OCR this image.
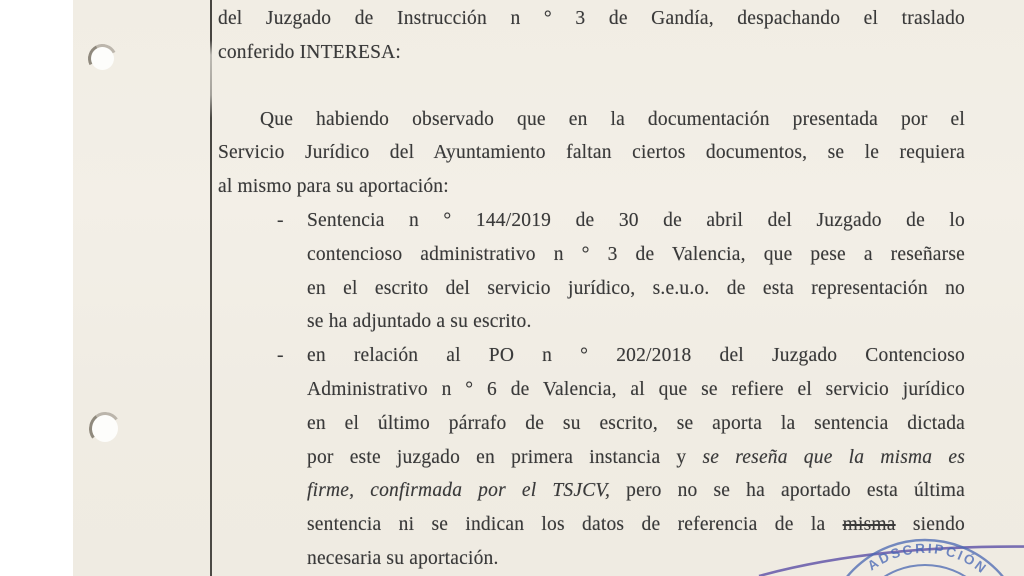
del Juzgado de Instrucción n ° 3 de Gandía, despachando el traslado
conferido INTERESA:
Que habiendo observado que en la documentación presentada por el
Servicio Jurídico del Ayuntamiento faltan ciertos documentos, se le requiera
al mismo para su aportación:
- Sentencia n ° 144/2019 de 30 de abril del Juzgado de lo
contencioso administrativo n ° 3 de Valencia, que pese a reseñarse
en el escrito del servicio jurídico, s.e.u.o. de esta representación no
se ha adjuntado a su escrito.
- en relación al PO n ° 202/2018 del Juzgado Contencioso
Administrativo n ° 6 de Valencia, al que se refiere el servicio jurídico
en el último párrafo de su escrito, se aporta la sentencia dictada
por este juzgado en primera instancia y se reseña que la misma es
firme, confirmada por el TSJCV, pero no se ha aportado esta última
sentencia ni se indican los datos de referencia de la misma siendo
necesaria su aportación.	ADSCRIPCIÓN
